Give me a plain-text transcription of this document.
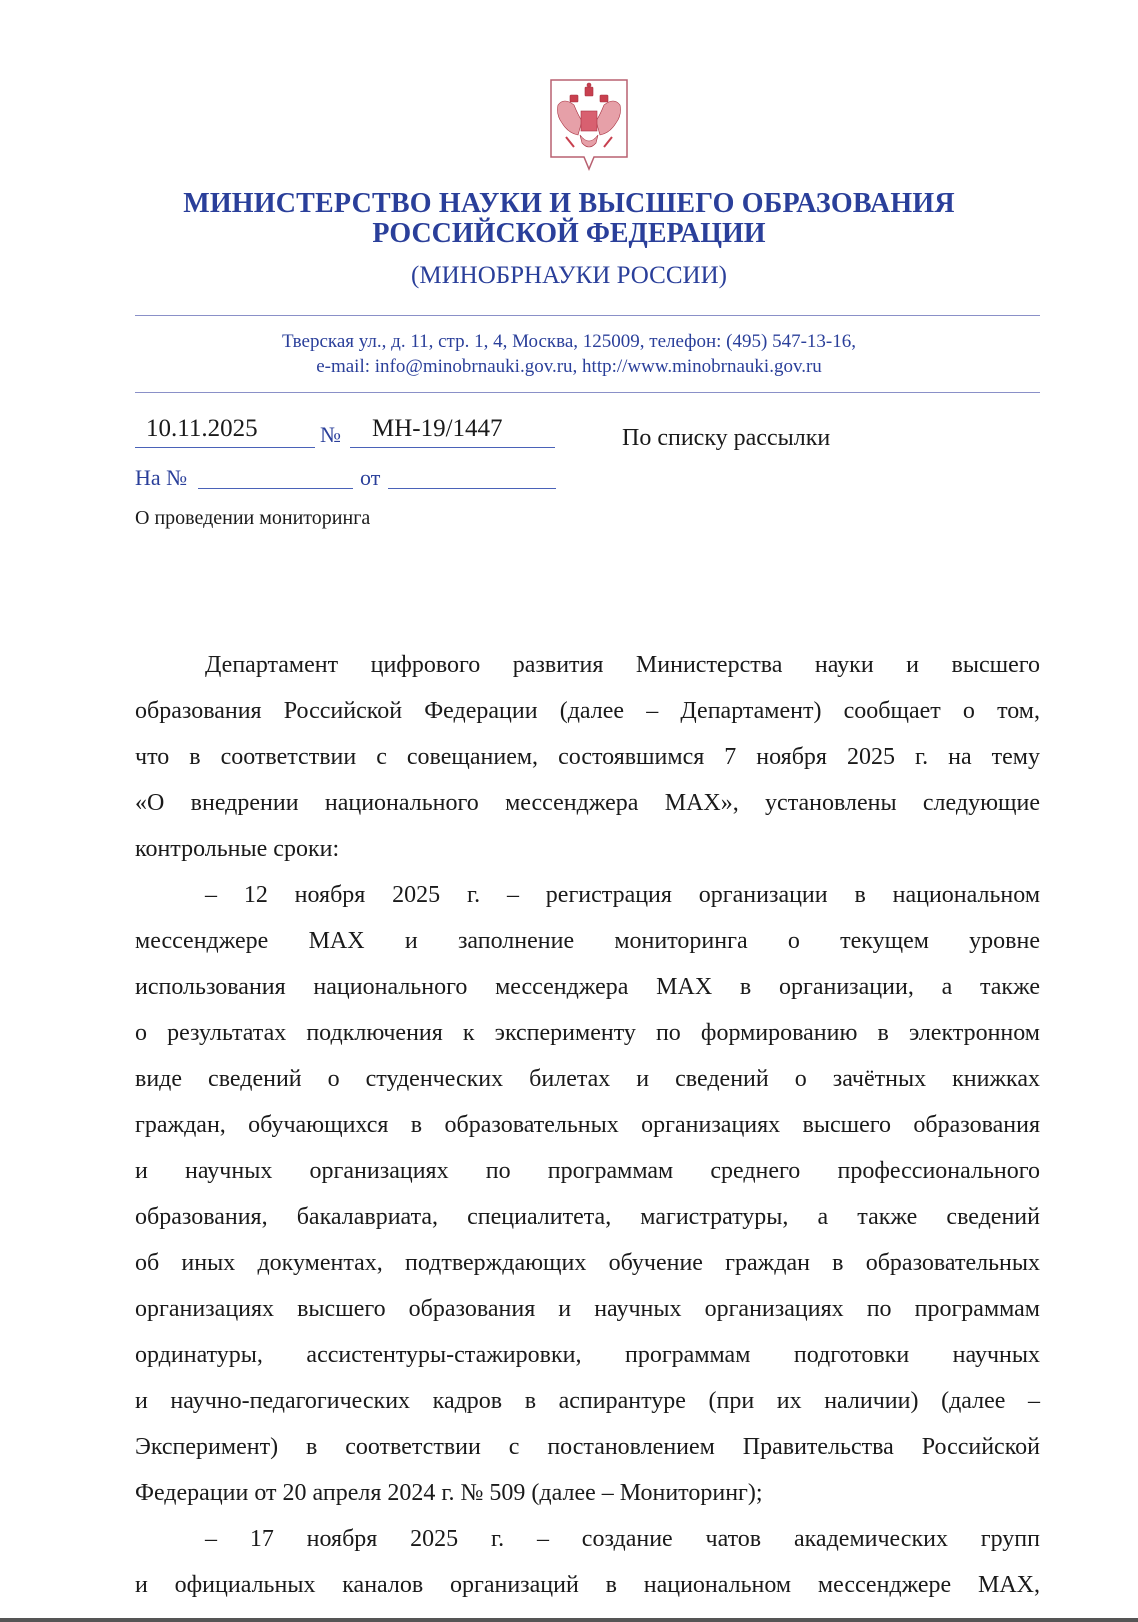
МИНИСТЕРСТВО НАУКИ И ВЫСШЕГО ОБРАЗОВАНИЯ
РОССИЙСКОЙ ФЕДЕРАЦИИ
(МИНОБРНАУКИ РОССИИ)
Тверская ул., д. 11, стр. 1, 4, Москва, 125009, телефон: (495) 547-13-16,
e-mail: info@minobrnauki.gov.ru, http://www.minobrnauki.gov.ru
10.11.2025	№ МН-19/1447
На №	от
По списку рассылки
О проведении мониторинга
Департамент цифрового развития Министерства науки и высшего
образования Российской Федерации (далее – Департамент) сообщает о том,
что в соответствии с совещанием, состоявшимся 7 ноября 2025 г. на тему
«О внедрении национального мессенджера MAX», установлены следующие
контрольные сроки:
– 12 ноября 2025 г. – регистрация организации в национальном
мессенджере MAX и заполнение мониторинга о текущем уровне
использования национального мессенджера MAX в организации, а также
о результатах подключения к эксперименту по формированию в электронном
виде сведений о студенческих билетах и сведений о зачётных книжках
граждан, обучающихся в образовательных организациях высшего образования
и научных организациях по программам среднего профессионального
образования, бакалавриата, специалитета, магистратуры, а также сведений
об иных документах, подтверждающих обучение граждан в образовательных
организациях высшего образования и научных организациях по программам
ординатуры, ассистентуры-стажировки, программам подготовки научных
и научно-педагогических кадров в аспирантуре (при их наличии) (далее –
Эксперимент) в соответствии с постановлением Правительства Российской
Федерации от 20 апреля 2024 г. № 509 (далее – Мониторинг);
– 17 ноября 2025 г. – создание чатов академических групп
и официальных каналов организаций в национальном мессенджере MAX,
